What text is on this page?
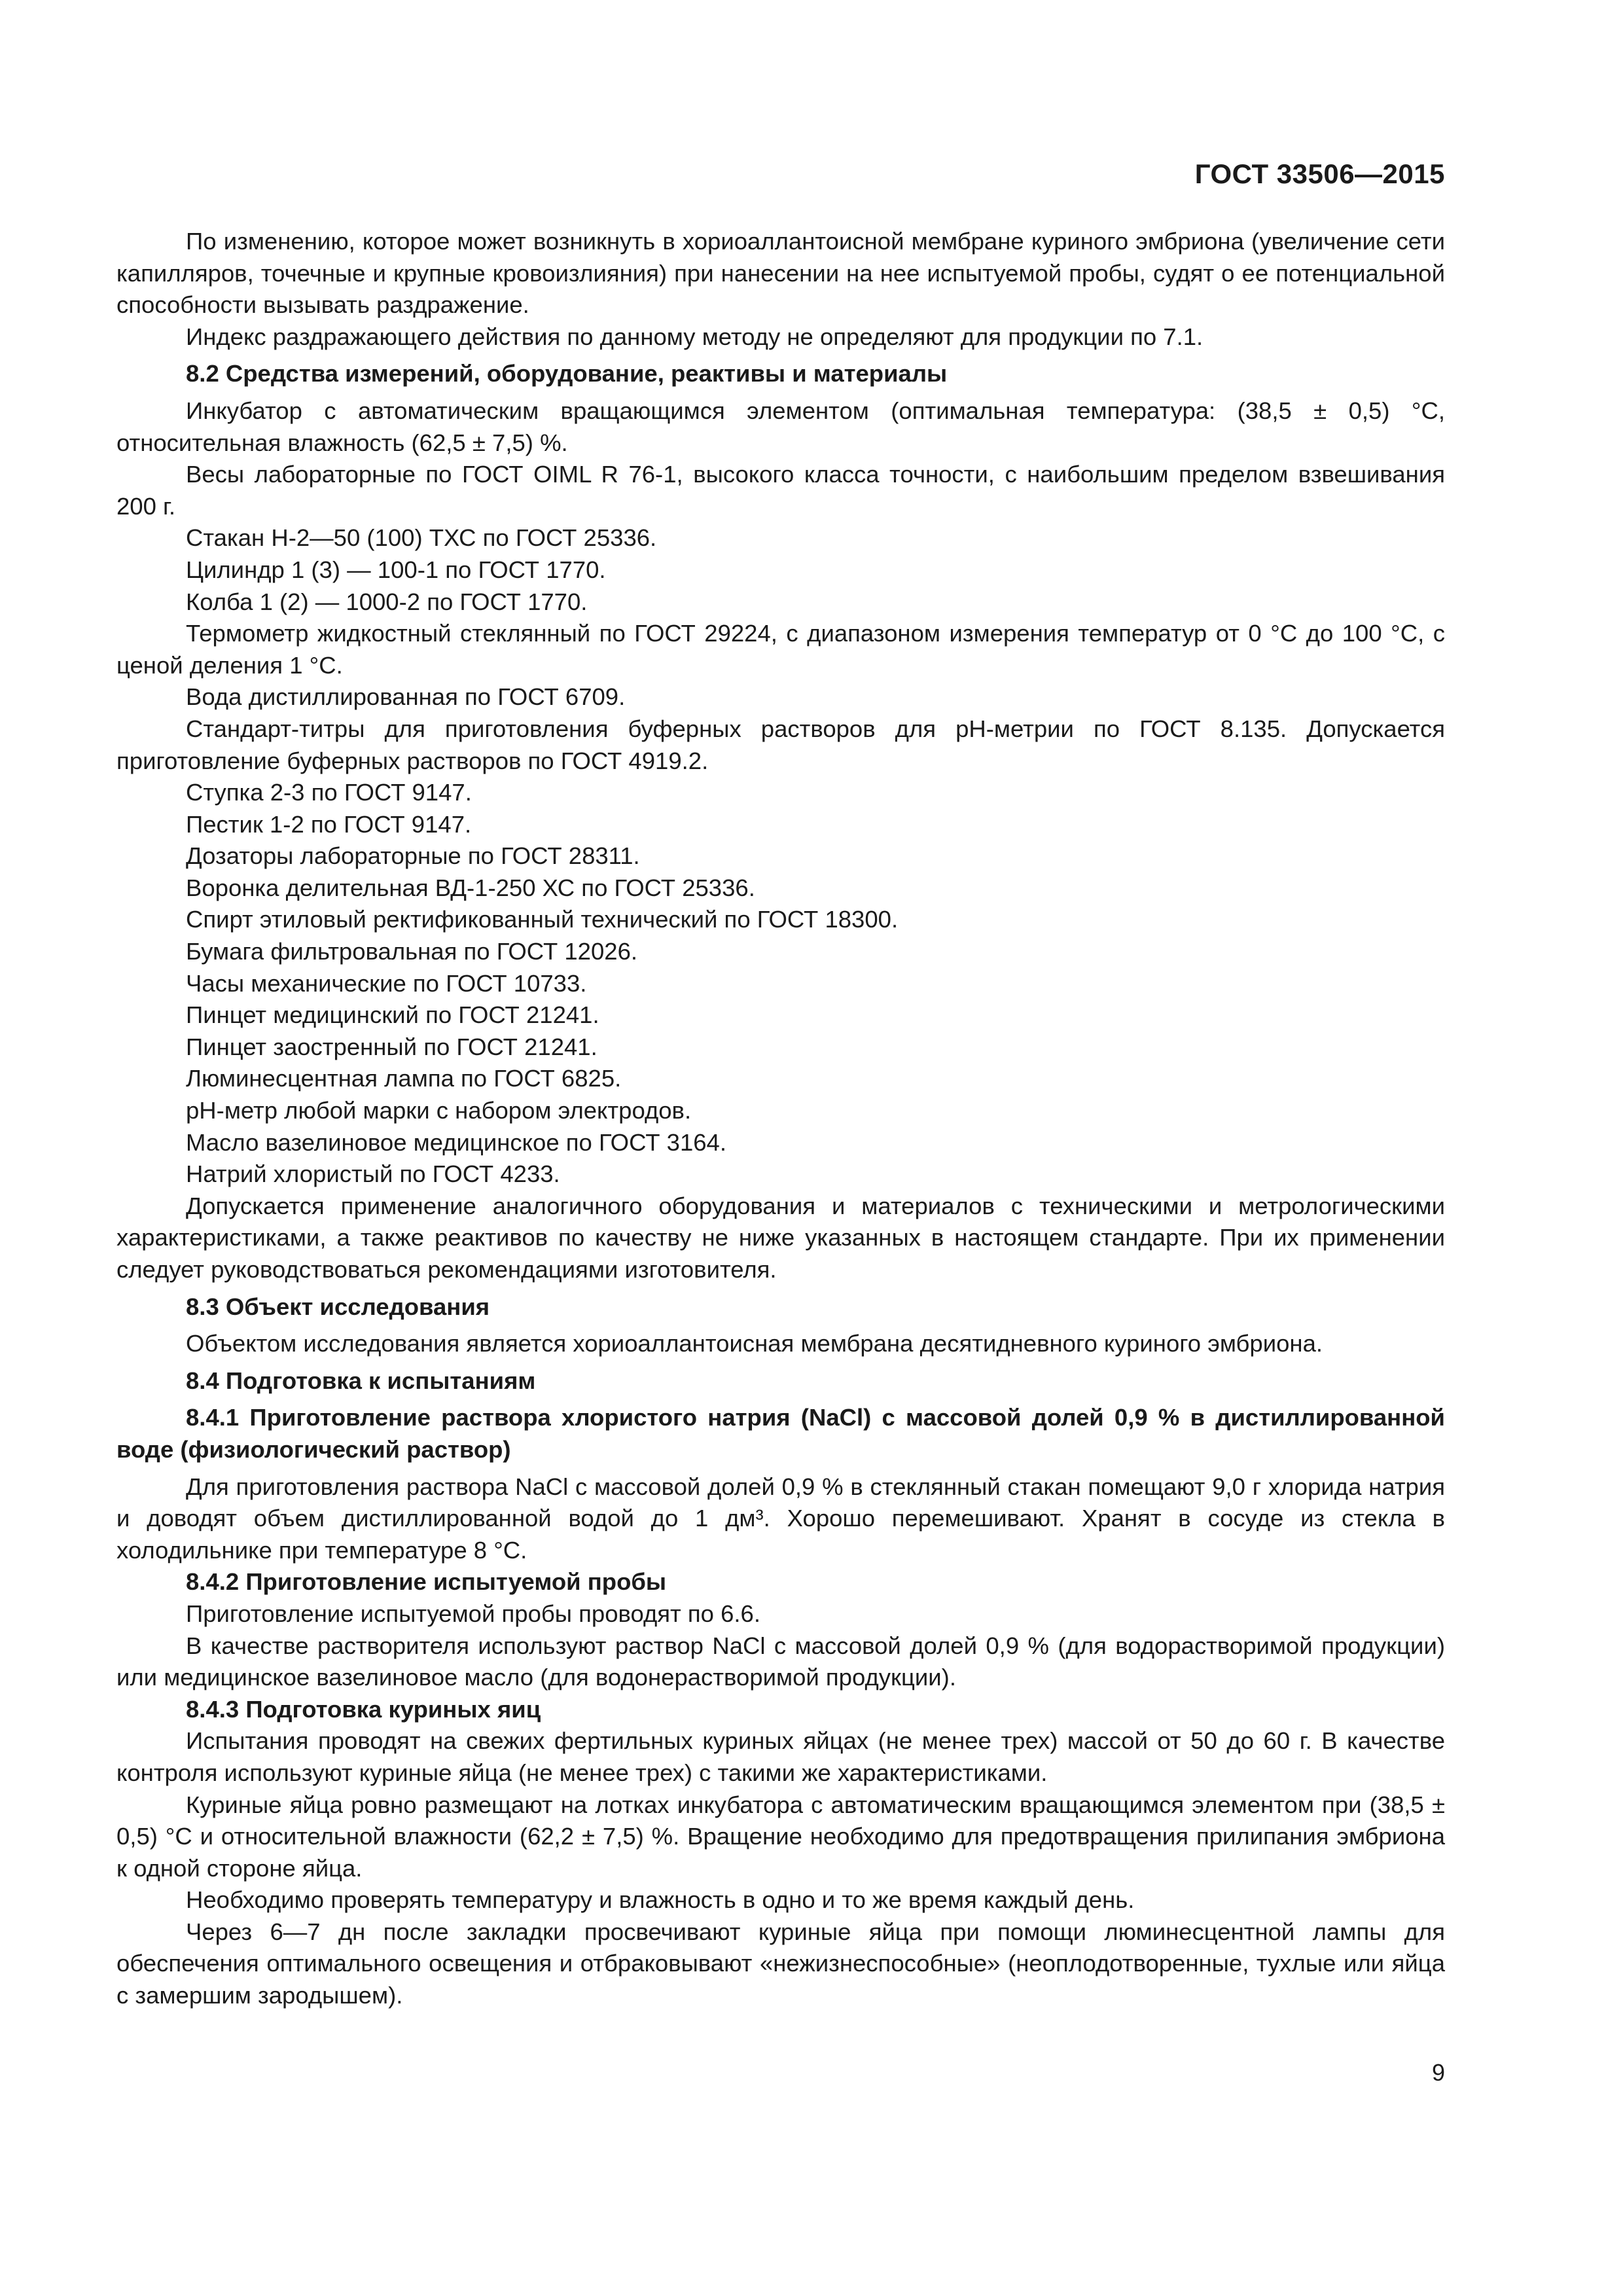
ГОСТ 33506—2015

По изменению, которое может возникнуть в хориоаллантоисной мембране куриного эмбриона (увеличение сети капилляров, точечные и крупные кровоизлияния) при нанесении на нее испытуемой пробы, судят о ее потенциальной способности вызывать раздражение.

Индекс раздражающего действия по данному методу не определяют для продукции по 7.1.

8.2 Средства измерений, оборудование, реактивы и материалы

Инкубатор с автоматическим вращающимся элементом (оптимальная температура: (38,5 ± 0,5) °С, относительная влажность (62,5 ± 7,5) %.

Весы лабораторные по ГОСТ OIML R 76-1, высокого класса точности, с наибольшим пределом взвешивания 200 г.

Стакан Н-2—50 (100) ТХС по ГОСТ 25336.

Цилиндр 1 (3) — 100-1 по ГОСТ 1770.

Колба 1 (2) — 1000-2 по ГОСТ 1770.

Термометр жидкостный стеклянный по ГОСТ 29224, с диапазоном измерения температур от 0 °С до 100 °С, с ценой деления 1 °С.

Вода дистиллированная по ГОСТ 6709.

Стандарт-титры для приготовления буферных растворов для рН-метрии по ГОСТ 8.135. Допускается приготовление буферных растворов по ГОСТ 4919.2.

Ступка 2-3 по ГОСТ 9147.

Пестик 1-2 по ГОСТ 9147.

Дозаторы лабораторные по ГОСТ 28311.

Воронка делительная ВД-1-250 ХС по ГОСТ 25336.

Спирт этиловый ректификованный технический по ГОСТ 18300.

Бумага фильтровальная по ГОСТ 12026.

Часы механические по ГОСТ 10733.

Пинцет медицинский по ГОСТ 21241.

Пинцет заостренный по ГОСТ 21241.

Люминесцентная лампа по ГОСТ 6825.

рН-метр любой марки с набором электродов.

Масло вазелиновое медицинское по ГОСТ 3164.

Натрий хлористый по ГОСТ 4233.

Допускается применение аналогичного оборудования и материалов с техническими и метрологическими характеристиками, а также реактивов по качеству не ниже указанных в настоящем стандарте. При их применении следует руководствоваться рекомендациями изготовителя.

8.3 Объект исследования

Объектом исследования является хориоаллантоисная мембрана десятидневного куриного эмбриона.

8.4 Подготовка к испытаниям

8.4.1 Приготовление раствора хлористого натрия (NaCl) с массовой долей 0,9 % в дистиллированной воде (физиологический раствор)

Для приготовления раствора NaCl с массовой долей 0,9 % в стеклянный стакан помещают 9,0 г хлорида натрия и доводят объем дистиллированной водой до 1 дм³. Хорошо перемешивают. Хранят в сосуде из стекла в холодильнике при температуре 8 °С.

8.4.2 Приготовление испытуемой пробы

Приготовление испытуемой пробы проводят по 6.6.

В качестве растворителя используют раствор NaCl с массовой долей 0,9 % (для водорастворимой продукции) или медицинское вазелиновое масло (для водонерастворимой продукции).

8.4.3 Подготовка куриных яиц

Испытания проводят на свежих фертильных куриных яйцах (не менее трех) массой от 50 до 60 г. В качестве контроля используют куриные яйца (не менее трех) с такими же характеристиками.

Куриные яйца ровно размещают на лотках инкубатора с автоматическим вращающимся элементом при (38,5 ± 0,5) °С и относительной влажности (62,2 ± 7,5) %. Вращение необходимо для предотвращения прилипания эмбриона к одной стороне яйца.

Необходимо проверять температуру и влажность в одно и то же время каждый день.

Через 6—7 дн после закладки просвечивают куриные яйца при помощи люминесцентной лампы для обеспечения оптимального освещения и отбраковывают «нежизнеспособные» (неоплодотворенные, тухлые или яйца с замершим зародышем).

9
